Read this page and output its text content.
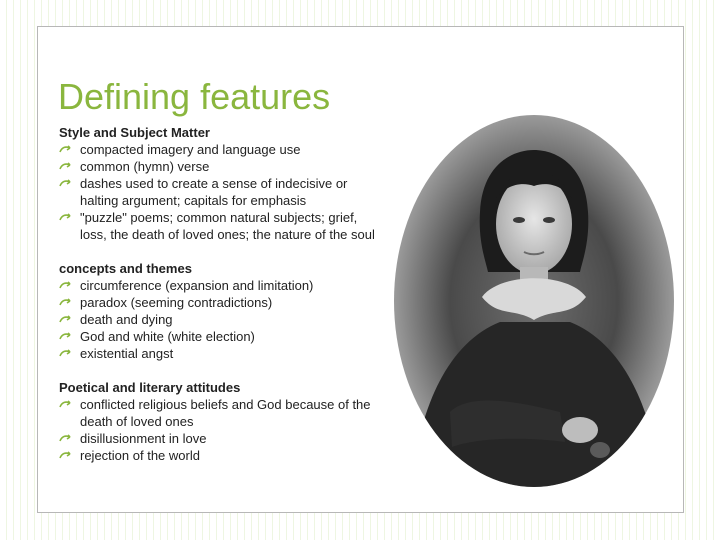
Defining features
Style and Subject Matter
compacted imagery and language use
common (hymn) verse
dashes used to create a sense of indecisive or halting argument; capitals for emphasis
"puzzle" poems; common natural subjects; grief, loss, the death of loved ones; the nature of the soul
concepts and themes
circumference (expansion and limitation)
paradox (seeming contradictions)
death and dying
God and white (white election)
existential angst
Poetical and literary attitudes
conflicted religious beliefs and God because of the death of loved ones
disillusionment in love
rejection of the world
